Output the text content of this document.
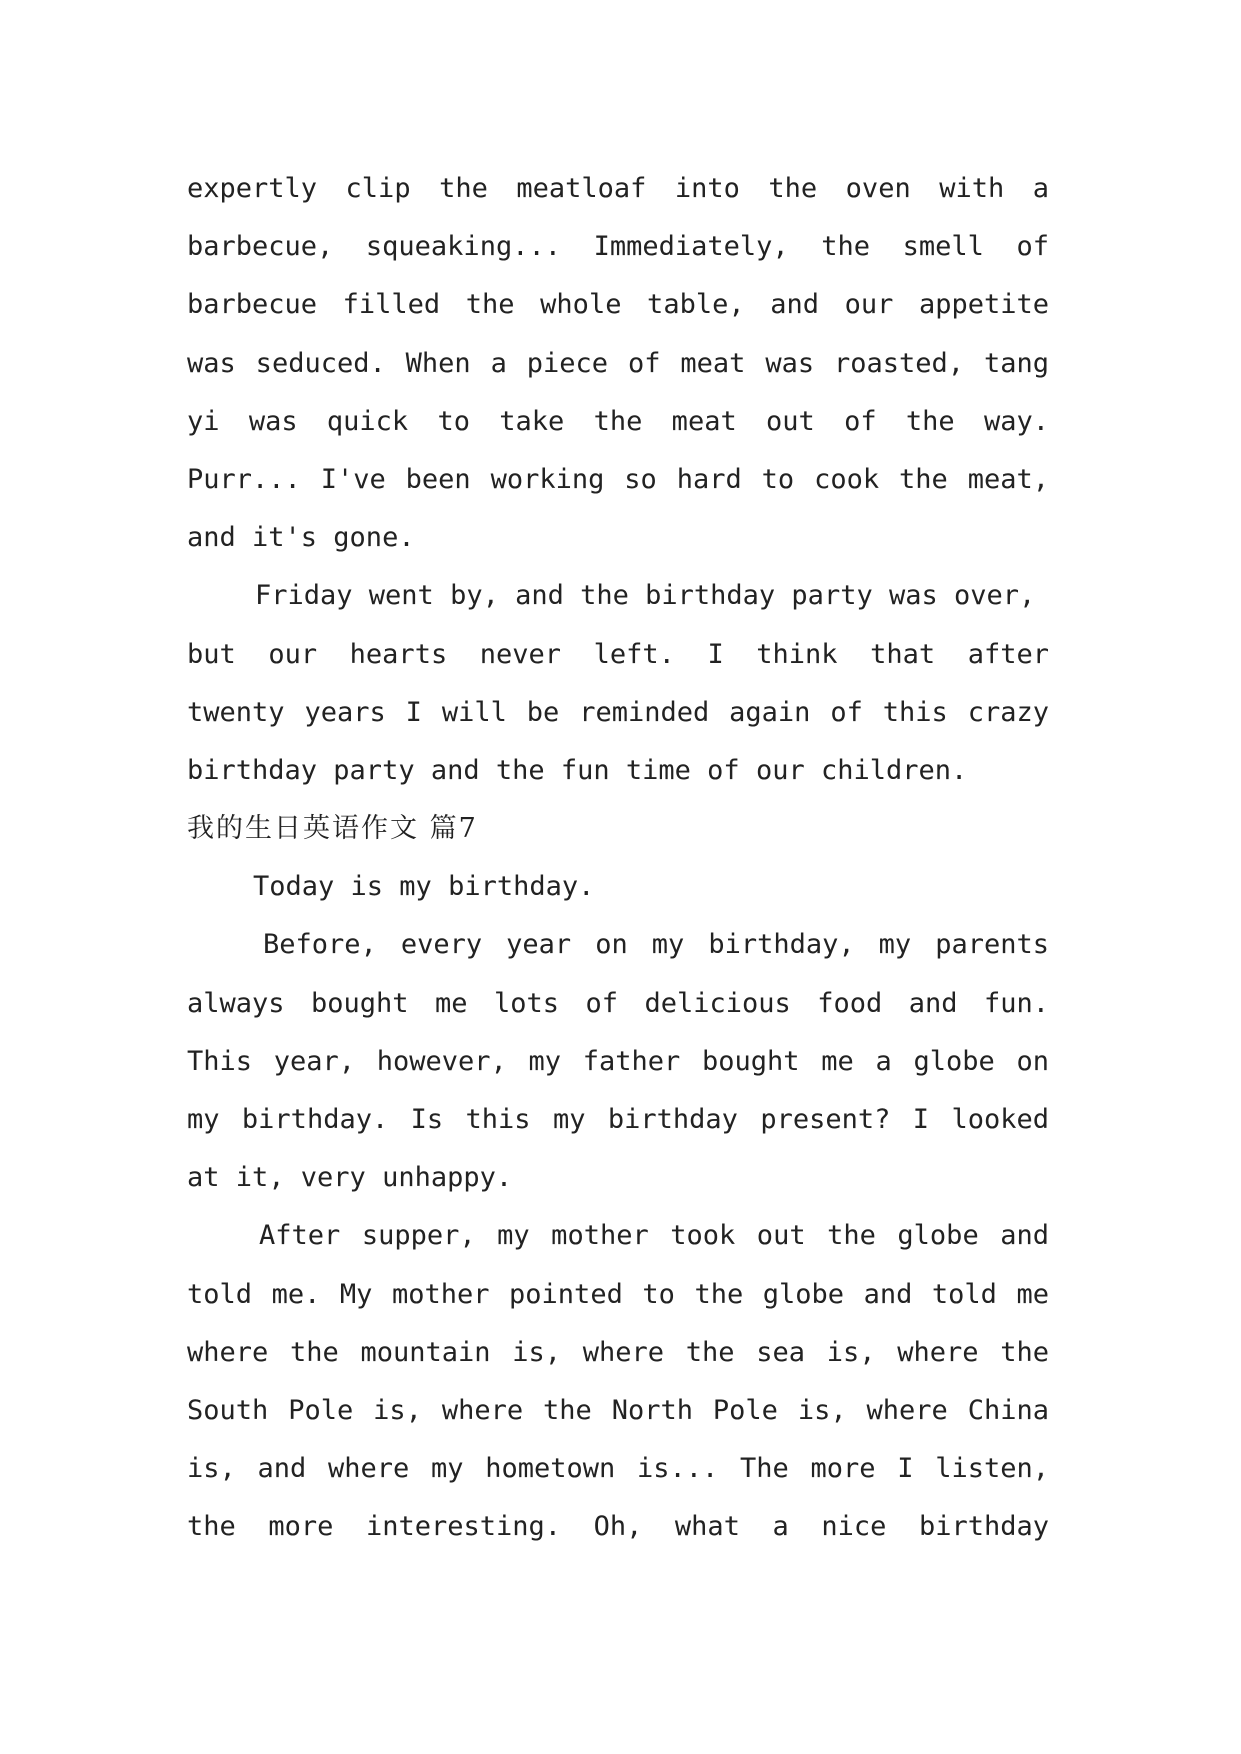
expertly clip the meatloaf into the oven with a
barbecue, squeaking... Immediately, the smell of
barbecue filled the whole table, and our appetite
was seduced. When a piece of meat was roasted, tang
yi was quick to take the meat out of the way.
Purr... I've been working so hard to cook the meat,
and it's gone.
Friday went by, and the birthday party was over,
but our hearts never left. I think that after
twenty years I will be reminded again of this crazy
birthday party and the fun time of our children.
我的生日英语作文 篇7
Today is my birthday.
Before, every year on my birthday, my parents
always bought me lots of delicious food and fun.
This year, however, my father bought me a globe on
my birthday. Is this my birthday present? I looked
at it, very unhappy.
After supper, my mother took out the globe and
told me. My mother pointed to the globe and told me
where the mountain is, where the sea is, where the
South Pole is, where the North Pole is, where China
is, and where my hometown is... The more I listen,
the more interesting. Oh, what a nice birthday
